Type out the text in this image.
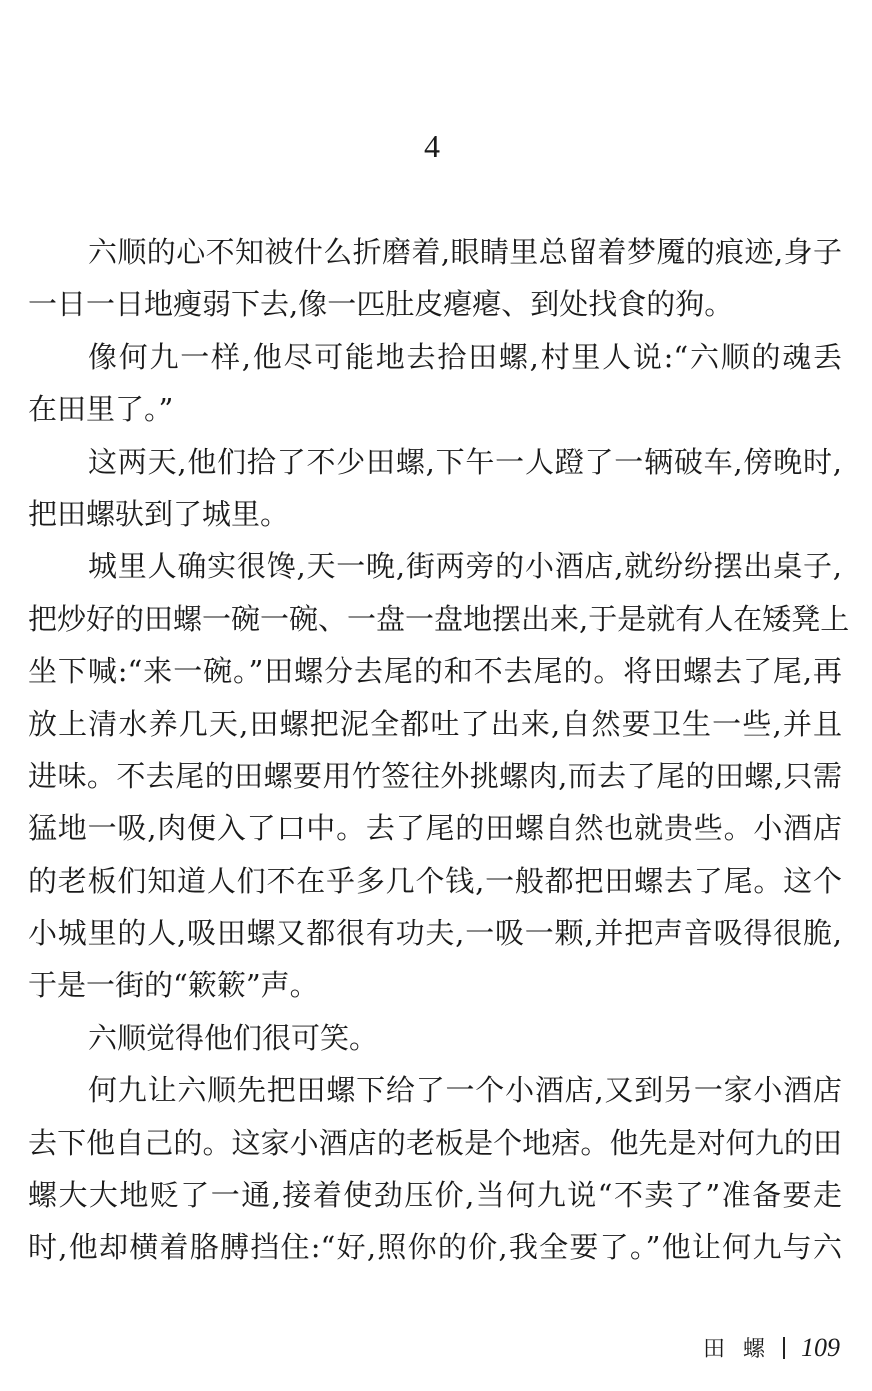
4
六顺的心不知被什么折磨着,眼睛里总留着梦魇的痕迹,身子
一日一日地瘦弱下去,像一匹肚皮瘪瘪、到处找食的狗。
像何九一样,他尽可能地去拾田螺,村里人说:“六顺的魂丢
在田里了。”
这两天,他们拾了不少田螺,下午一人蹬了一辆破车,傍晚时,
把田螺驮到了城里。
城里人确实很馋,天一晚,街两旁的小酒店,就纷纷摆出桌子,
把炒好的田螺一碗一碗、一盘一盘地摆出来,于是就有人在矮凳上
坐下喊:“来一碗。”田螺分去尾的和不去尾的。将田螺去了尾,再
放上清水养几天,田螺把泥全都吐了出来,自然要卫生一些,并且
进味。不去尾的田螺要用竹签往外挑螺肉,而去了尾的田螺,只需
猛地一吸,肉便入了口中。去了尾的田螺自然也就贵些。小酒店
的老板们知道人们不在乎多几个钱,一般都把田螺去了尾。这个
小城里的人,吸田螺又都很有功夫,一吸一颗,并把声音吸得很脆,
于是一街的“簌簌”声。
六顺觉得他们很可笑。
何九让六顺先把田螺下给了一个小酒店,又到另一家小酒店
去下他自己的。这家小酒店的老板是个地痞。他先是对何九的田
螺大大地贬了一通,接着使劲压价,当何九说“不卖了”准备要走
时,他却横着胳膊挡住:“好,照你的价,我全要了。”他让何九与六
田螺 109
